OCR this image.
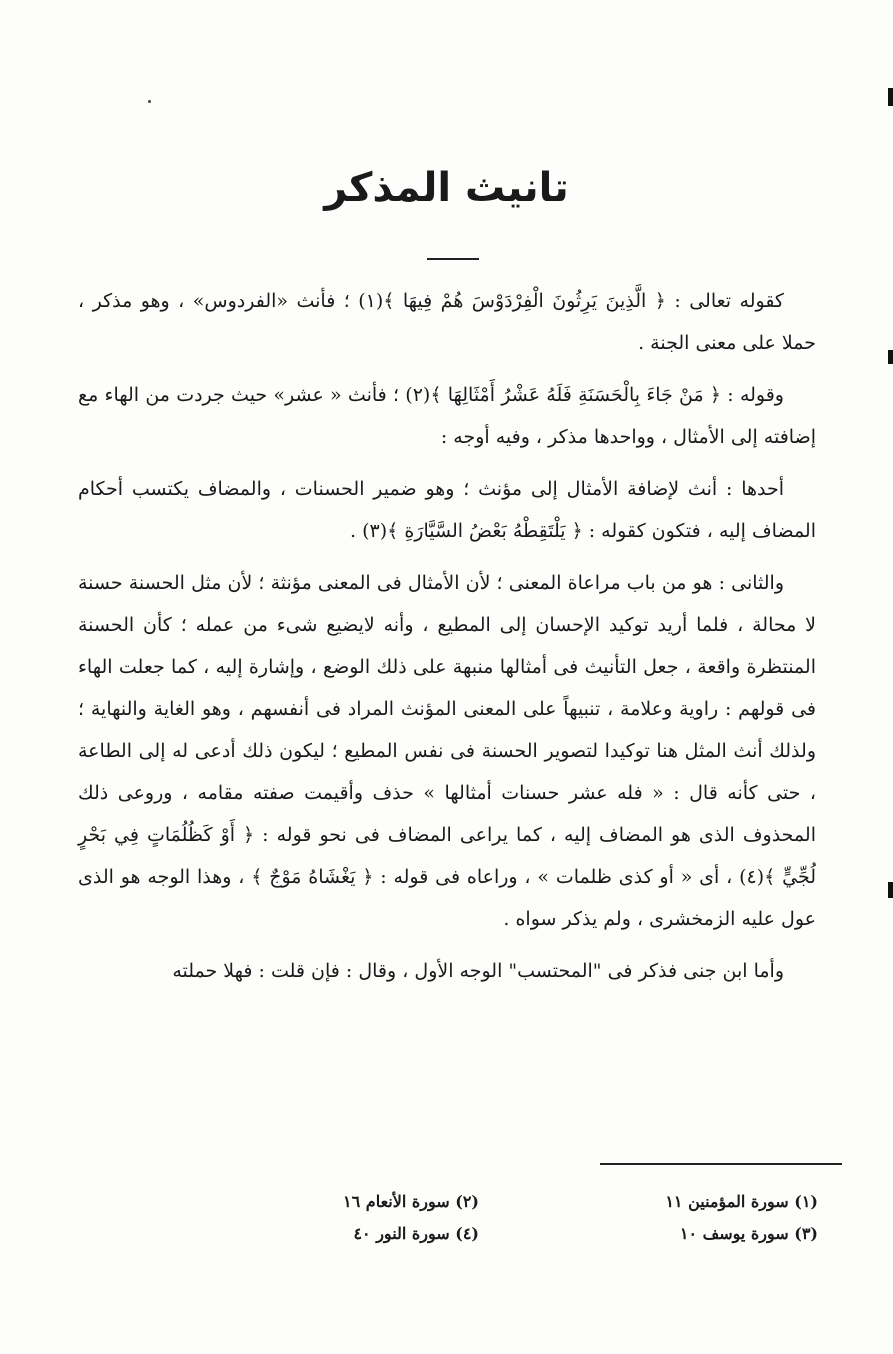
تانيث المذكر

كقوله تعالى : ﴿ الَّذِينَ يَرِثُونَ الْفِرْدَوْسَ هُمْ فِيهَا ﴾(١) ؛ فأنث «الفردوس» ، وهو مذكر ، حملا على معنى الجنة .

وقوله : ﴿ مَنْ جَاءَ بِالْحَسَنَةِ فَلَهُ عَشْرُ أَمْثَالِهَا ﴾(٢) ؛ فأنث « عشر» حيث جردت من الهاء مع إضافته إلى الأمثال ، وواحدها مذكر ، وفيه أوجه :

أحدها : أنث لإضافة الأمثال إلى مؤنث ؛ وهو ضمير الحسنات ، والمضاف يكتسب أحكام المضاف إليه ، فتكون كقوله : ﴿ يَلْتَقِطْهُ بَعْضُ السَّيَّارَةِ ﴾(٣) .

والثانى : هو من باب مراعاة المعنى ؛ لأن الأمثال فى المعنى مؤنثة ؛ لأن مثل الحسنة حسنة لا محالة ، فلما أريد توكيد الإحسان إلى المطيع ، وأنه لايضيع شىء من عمله ؛ كأن الحسنة المنتظرة واقعة ، جعل التأنيث فى أمثالها منبهة على ذلك الوضع ، وإشارة إليه ، كما جعلت الهاء فى قولهم : راوية وعلامة ، تنبيهاً على المعنى المؤنث المراد فى أنفسهم ، وهو الغاية والنهاية ؛ ولذلك أنث المثل هنا توكيدا لتصوير الحسنة فى نفس المطيع ؛ ليكون ذلك أدعى له إلى الطاعة ، حتى كأنه قال : « فله عشر حسنات أمثالها » حذف وأقيمت صفته مقامه ، وروعى ذلك المحذوف الذى هو المضاف إليه ، كما يراعى المضاف فى نحو قوله : ﴿ أَوْ كَظُلُمَاتٍ فِي بَحْرٍ لُجِّيٍّ ﴾(٤) ، أى « أو كذى ظلمات » ، وراعاه فى قوله : ﴿ يَغْشَاهُ مَوْجٌ ﴾ ، وهذا الوجه هو الذى عول عليه الزمخشرى ، ولم يذكر سواه .

وأما ابن جنى فذكر فى "المحتسب" الوجه الأول ، وقال : فإن قلت : فهلا حملته

(١) سورة المؤمنين ١١
(٢) سورة الأنعام ١٦
(٣) سورة يوسف ١٠
(٤) سورة النور ٤٠
